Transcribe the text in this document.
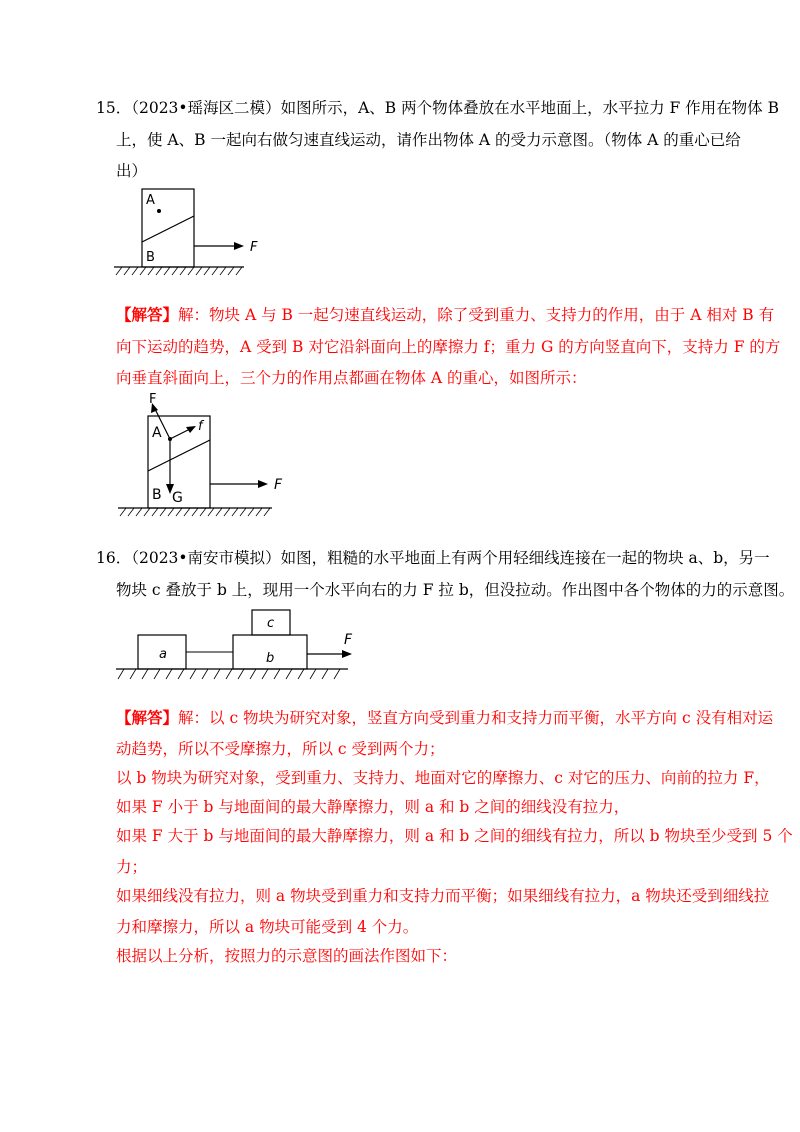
15．（2023•瑶海区二模）如图所示，A、B 两个物体叠放在水平地面上，水平拉力 F 作用在物体 B
上，使 A、B 一起向右做匀速直线运动，请作出物体 A 的受力示意图。（物体 A 的重心已给
出）
A
B
F
【解答】解：物块 A 与 B 一起匀速直线运动，除了受到重力、支持力的作用，由于 A 相对 B 有
向下运动的趋势，A 受到 B 对它沿斜面向上的摩擦力 f；重力 G 的方向竖直向下，支持力 F 的方
向垂直斜面向上，三个力的作用点都画在物体 A 的重心，如图所示：
F
A	f
B G
F
16．（2023•南安市模拟）如图，粗糙的水平地面上有两个用轻细线连接在一起的物块 a、b，另一
物块 c 叠放于 b 上，现用一个水平向右的力 F 拉 b，但没拉动。作出图中各个物体的力的示意图。
a	b
c
F
【解答】解：以 c 物块为研究对象，竖直方向受到重力和支持力而平衡，水平方向 c 没有相对运
动趋势，所以不受摩擦力，所以 c 受到两个力；
以 b 物块为研究对象，受到重力、支持力、地面对它的摩擦力、c 对它的压力、向前的拉力 F，
如果 F 小于 b 与地面间的最大静摩擦力，则 a 和 b 之间的细线没有拉力，
如果 F 大于 b 与地面间的最大静摩擦力，则 a 和 b 之间的细线有拉力，所以 b 物块至少受到 5 个
力；
如果细线没有拉力，则 a 物块受到重力和支持力而平衡；如果细线有拉力，a 物块还受到细线拉
力和摩擦力，所以 a 物块可能受到 4 个力。
根据以上分析，按照力的示意图的画法作图如下：
